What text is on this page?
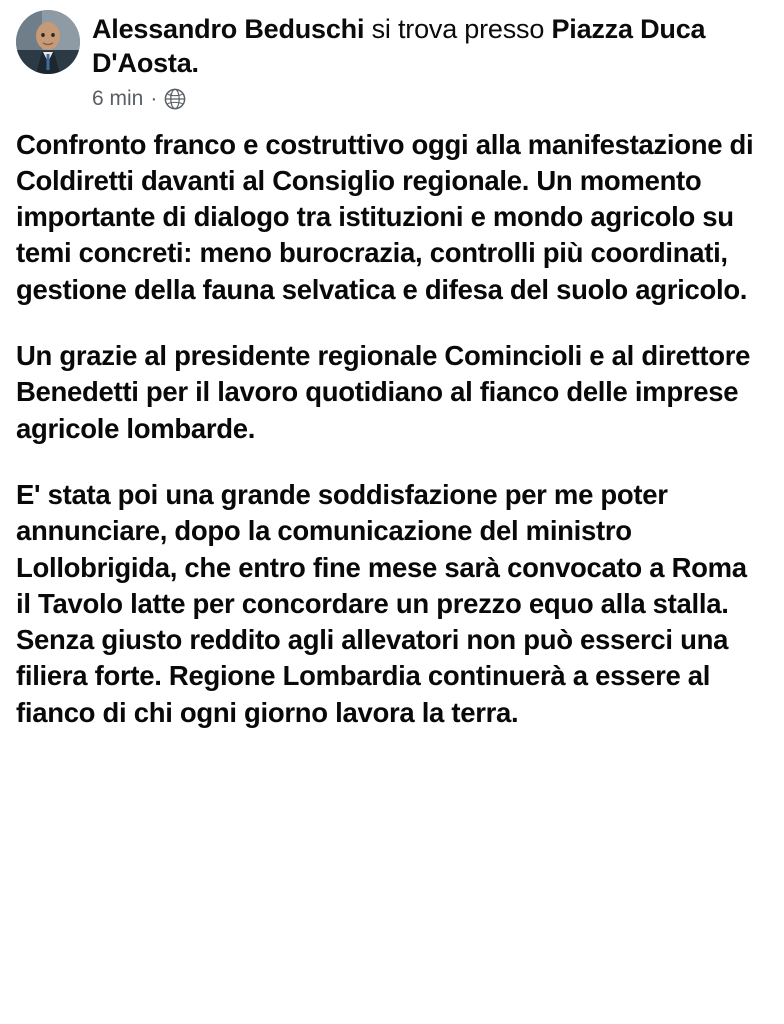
Alessandro Beduschi si trova presso Piazza Duca D'Aosta.
6 min ·

Confronto franco e costruttivo oggi alla manifestazione di Coldiretti davanti al Consiglio regionale. Un momento importante di dialogo tra istituzioni e mondo agricolo su temi concreti: meno burocrazia, controlli più coordinati, gestione della fauna selvatica e difesa del suolo agricolo.

Un grazie al presidente regionale Comincioli e al direttore Benedetti per il lavoro quotidiano al fianco delle imprese agricole lombarde.

E' stata poi una grande soddisfazione per me poter annunciare, dopo la comunicazione del ministro Lollobrigida, che entro fine mese sarà convocato a Roma il Tavolo latte per concordare un prezzo equo alla stalla. Senza giusto reddito agli allevatori non può esserci una filiera forte. Regione Lombardia continuerà a essere al fianco di chi ogni giorno lavora la terra.
